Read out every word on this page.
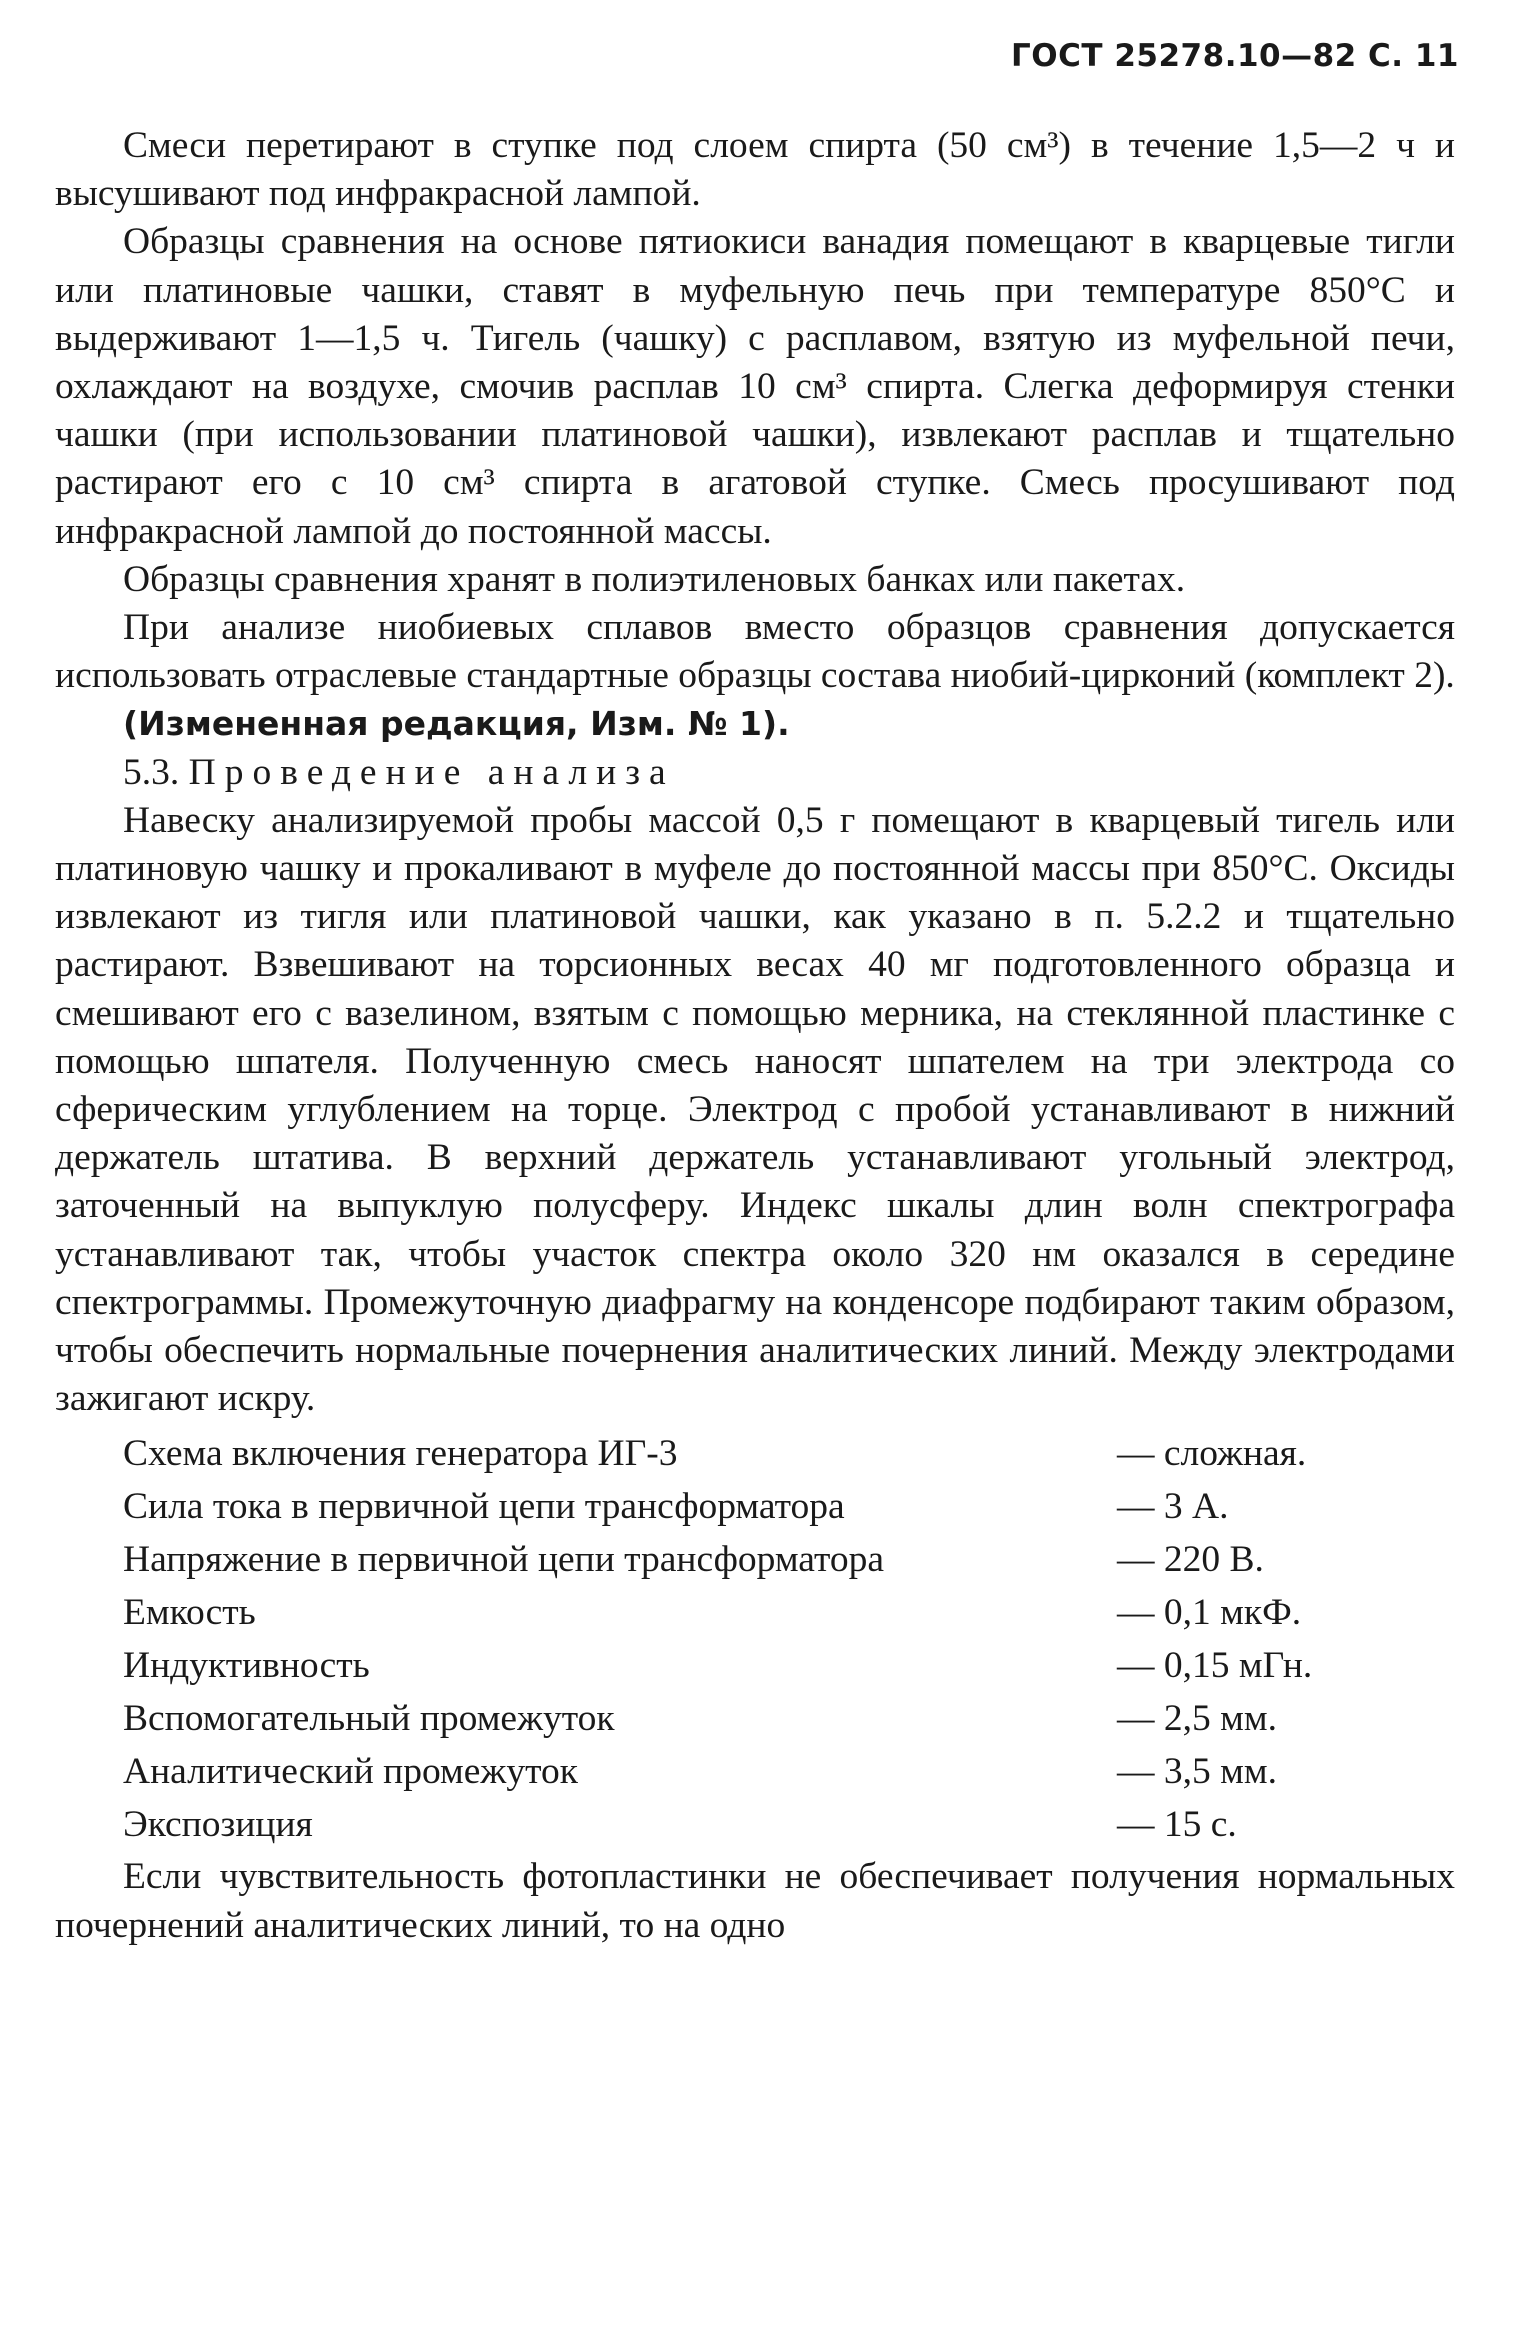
ГОСТ 25278.10—82 С. 11

Смеси перетирают в ступке под слоем спирта (50 см³) в течение 1,5—2 ч и высушивают под инфракрасной лампой.

Образцы сравнения на основе пятиокиси ванадия помещают в кварцевые тигли или платиновые чашки, ставят в муфельную печь при температуре 850°С и выдерживают 1—1,5 ч. Тигель (чашку) с расплавом, взятую из муфельной печи, охлаждают на воздухе, смочив расплав 10 см³ спирта. Слегка деформируя стенки чашки (при использовании платиновой чашки), извлекают расплав и тщательно растирают его с 10 см³ спирта в агатовой ступке. Смесь просушивают под инфракрасной лампой до постоянной массы.

Образцы сравнения хранят в полиэтиленовых банках или пакетах.

При анализе ниобиевых сплавов вместо образцов сравнения допускается использовать отраслевые стандартные образцы состава ниобий-цирконий (комплект 2).

(Измененная редакция, Изм. № 1).

5.3. Проведение анализа

Навеску анализируемой пробы массой 0,5 г помещают в кварцевый тигель или платиновую чашку и прокаливают в муфеле до постоянной массы при 850°С. Оксиды извлекают из тигля или платиновой чашки, как указано в п. 5.2.2 и тщательно растирают. Взвешивают на торсионных весах 40 мг подготовленного образца и смешивают его с вазелином, взятым с помощью мерника, на стеклянной пластинке с помощью шпателя. Полученную смесь наносят шпателем на три электрода со сферическим углублением на торце. Электрод с пробой устанавливают в нижний держатель штатива. В верхний держатель устанавливают угольный электрод, заточенный на выпуклую полусферу. Индекс шкалы длин волн спектрографа устанавливают так, чтобы участок спектра около 320 нм оказался в середине спектрограммы. Промежуточную диафрагму на конденсоре подбирают таким образом, чтобы обеспечить нормальные почернения аналитических линий. Между электродами зажигают искру.

Схема включения генератора ИГ-3	— сложная.
Сила тока в первичной цепи трансформатора	— 3 А.
Напряжение в первичной цепи трансформатора	— 220 В.
Емкость	— 0,1 мкФ.
Индуктивность	— 0,15 мГн.
Вспомогательный промежуток	— 2,5 мм.
Аналитический промежуток	— 3,5 мм.
Экспозиция	— 15 с.

Если чувствительность фотопластинки не обеспечивает получения нормальных почернений аналитических линий, то на одно
